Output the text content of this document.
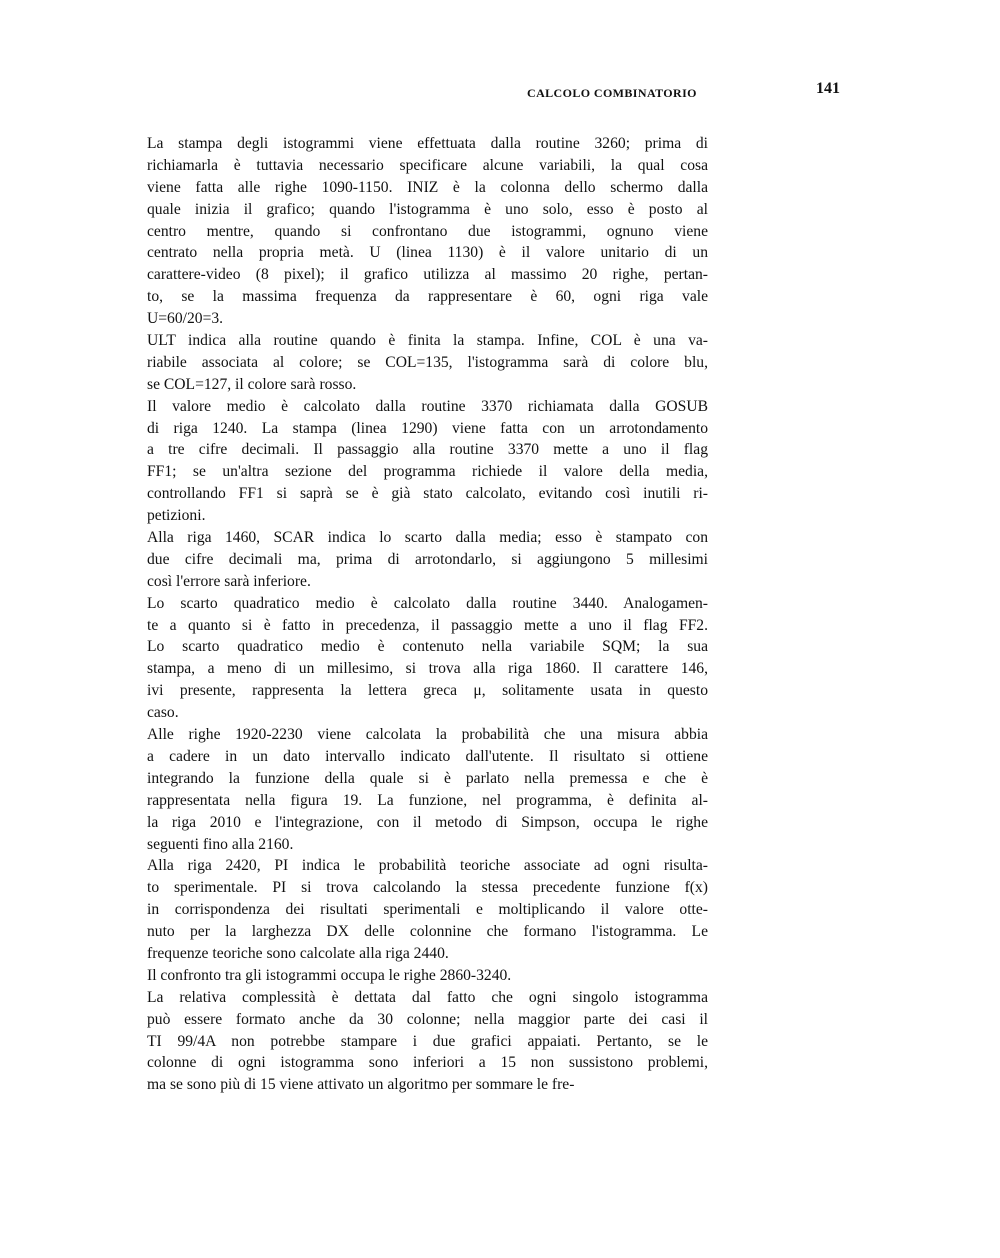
CALCOLO COMBINATORIO	141
La stampa degli istogrammi viene effettuata dalla routine 3260; prima di
richiamarla è tuttavia necessario specificare alcune variabili, la qual cosa
viene fatta alle righe 1090-1150. INIZ è la colonna dello schermo dalla
quale inizia il grafico; quando l'istogramma è uno solo, esso è posto al
centro mentre, quando si confrontano due istogrammi, ognuno viene
centrato nella propria metà. U (linea 1130) è il valore unitario di un
carattere-video (8 pixel); il grafico utilizza al massimo 20 righe, pertan-
to, se la massima frequenza da rappresentare è 60, ogni riga vale
U=60/20=3.
ULT indica alla routine quando è finita la stampa. Infine, COL è una va-
riabile associata al colore; se COL=135, l'istogramma sarà di colore blu,
se COL=127, il colore sarà rosso.
Il valore medio è calcolato dalla routine 3370 richiamata dalla GOSUB
di riga 1240. La stampa (linea 1290) viene fatta con un arrotondamento
a tre cifre decimali. Il passaggio alla routine 3370 mette a uno il flag
FF1; se un'altra sezione del programma richiede il valore della media,
controllando FF1 si saprà se è già stato calcolato, evitando così inutili ri-
petizioni.
Alla riga 1460, SCAR indica lo scarto dalla media; esso è stampato con
due cifre decimali ma, prima di arrotondarlo, si aggiungono 5 millesimi
così l'errore sarà inferiore.
Lo scarto quadratico medio è calcolato dalla routine 3440. Analogamen-
te a quanto si è fatto in precedenza, il passaggio mette a uno il flag FF2.
Lo scarto quadratico medio è contenuto nella variabile SQM; la sua
stampa, a meno di un millesimo, si trova alla riga 1860. Il carattere 146,
ivi presente, rappresenta la lettera greca μ, solitamente usata in questo
caso.
Alle righe 1920-2230 viene calcolata la probabilità che una misura abbia
a cadere in un dato intervallo indicato dall'utente. Il risultato si ottiene
integrando la funzione della quale si è parlato nella premessa e che è
rappresentata nella figura 19. La funzione, nel programma, è definita al-
la riga 2010 e l'integrazione, con il metodo di Simpson, occupa le righe
seguenti fino alla 2160.
Alla riga 2420, PI indica le probabilità teoriche associate ad ogni risulta-
to sperimentale. PI si trova calcolando la stessa precedente funzione f(x)
in corrispondenza dei risultati sperimentali e moltiplicando il valore otte-
nuto per la larghezza DX delle colonnine che formano l'istogramma. Le
frequenze teoriche sono calcolate alla riga 2440.
Il confronto tra gli istogrammi occupa le righe 2860-3240.
La relativa complessità è dettata dal fatto che ogni singolo istogramma
può essere formato anche da 30 colonne; nella maggior parte dei casi il
TI 99/4A non potrebbe stampare i due grafici appaiati. Pertanto, se le
colonne di ogni istogramma sono inferiori a 15 non sussistono problemi,
ma se sono più di 15 viene attivato un algoritmo per sommare le fre-
